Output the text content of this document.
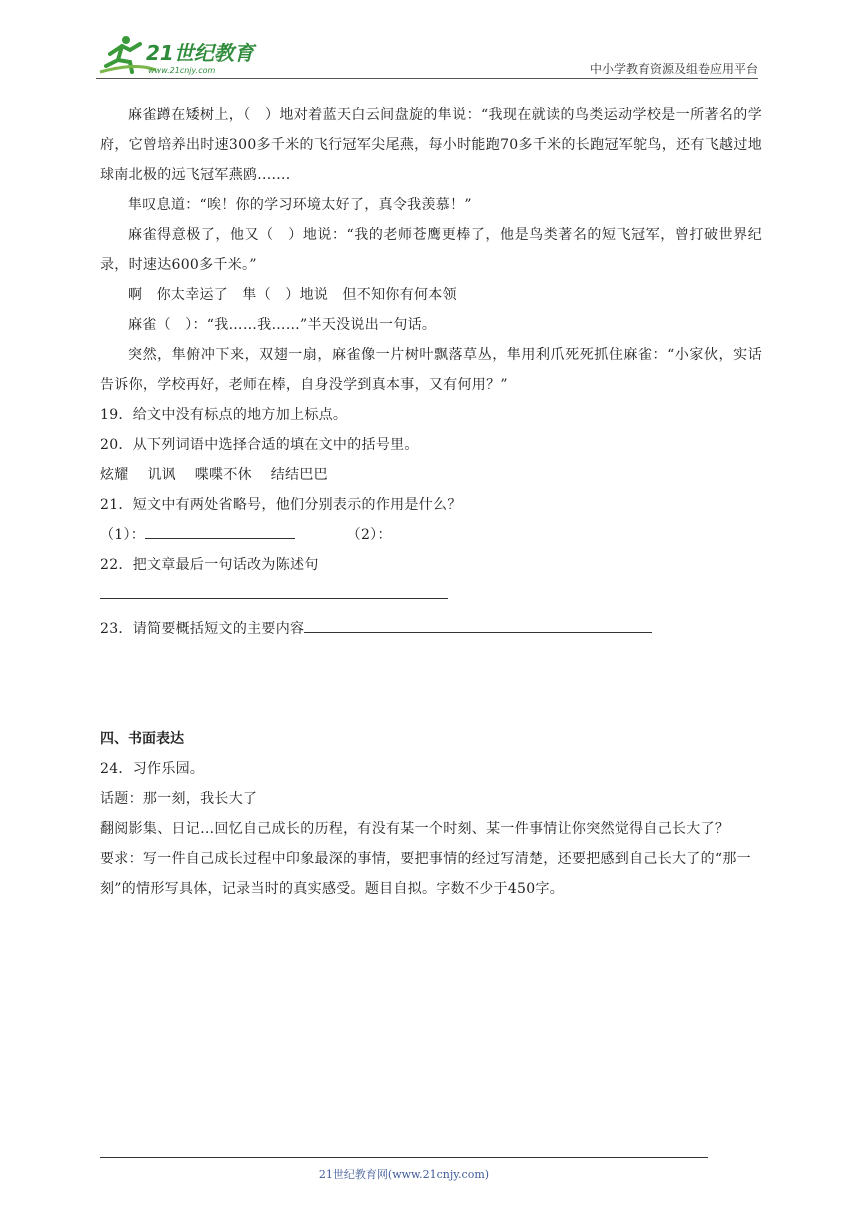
21世纪教育
www.21cnjy.com	中小学教育资源及组卷应用平台

麻雀蹲在矮树上，（　）地对着蓝天白云间盘旋的隼说：“我现在就读的鸟类运动学校是一所著名的学府，它曾培养出时速300多千米的飞行冠军尖尾燕，每小时能跑70多千米的长跑冠军鸵鸟，还有飞越过地球南北极的远飞冠军燕鸥.......

隼叹息道：“唉！你的学习环境太好了，真令我羡慕！”

麻雀得意极了，他又（　）地说：“我的老师苍鹰更棒了，他是鸟类著名的短飞冠军，曾打破世界纪录，时速达600多千米。”

啊　你太幸运了　隼（　）地说　但不知你有何本领

麻雀（　）：“我……我……”半天没说出一句话。

突然，隼俯冲下来，双翅一扇，麻雀像一片树叶飘落草丛，隼用利爪死死抓住麻雀：“小家伙，实话告诉你，学校再好，老师在棒，自身没学到真本事，又有何用？”

19．给文中没有标点的地方加上标点。

20．从下列词语中选择合适的填在文中的括号里。

炫耀 讥讽 喋喋不休 结结巴巴

21．短文中有两处省略号，他们分别表示的作用是什么？

（1）：	（2）：

22．把文章最后一句话改为陈述句

23．请简要概括短文的主要内容

四、书面表达

24．习作乐园。

话题：那一刻，我长大了

翻阅影集、日记…回忆自己成长的历程，有没有某一个时刻、某一件事情让你突然觉得自己长大了？

要求：写一件自己成长过程中印象最深的事情，要把事情的经过写清楚，还要把感到自己长大了的“那一刻”的情形写具体，记录当时的真实感受。题目自拟。字数不少于450字。

21世纪教育网(www.21cnjy.com)
